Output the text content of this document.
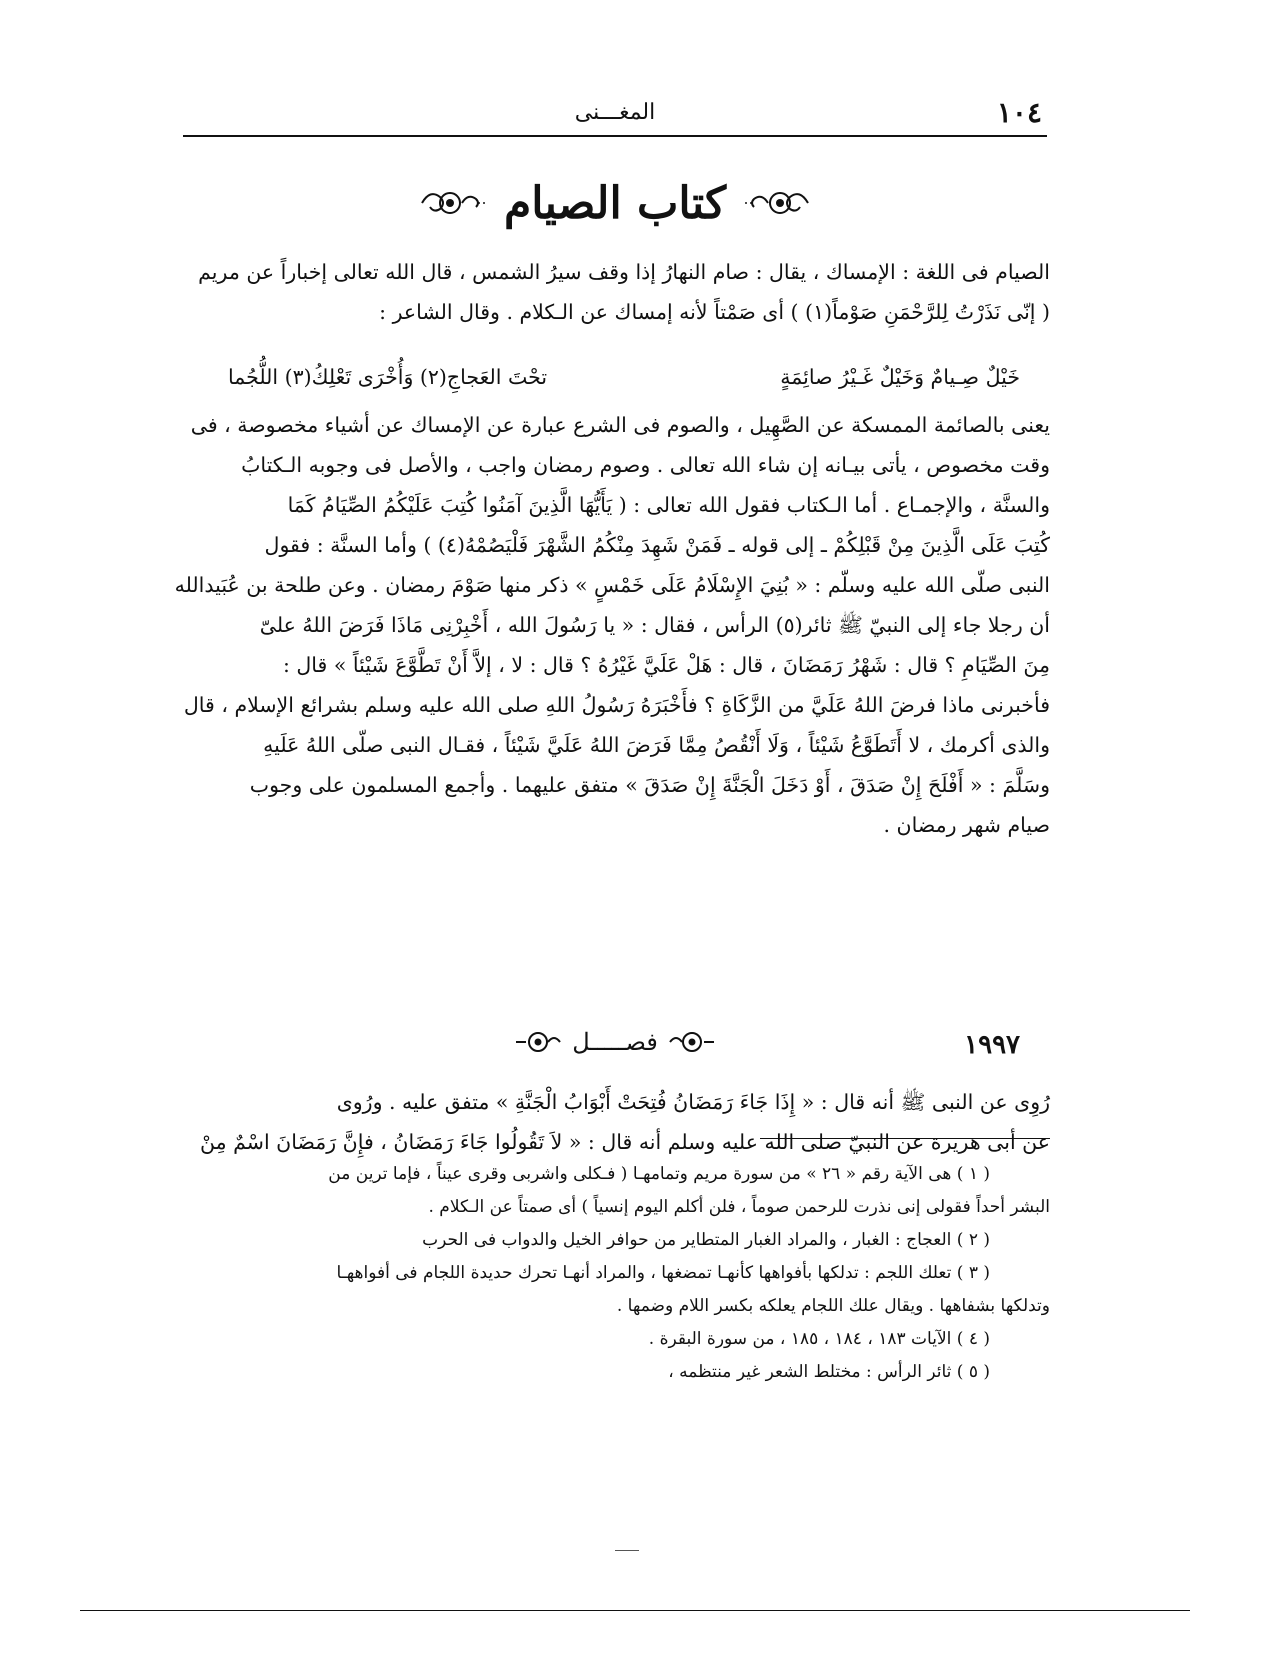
١٠٤
المغـــنى
كتاب الصيام
الصيام فى اللغة : الإمساك ، يقال : صام النهارُ إذا وقف سيرُ الشمس ، قال الله تعالى إخباراً عن مريم
( إنّى نَذَرْتُ لِلرَّحْمَنِ صَوْماً(١) ) أى صَمْتاً لأنه إمساك عن الـكلام . وقال الشاعر :
خَيْلٌ صِـيامٌ وَخَيْلٌ غَـيْرُ صائِمَةٍ
تحْتَ العَجاجِ(٢) وَأُخْرَى تَعْلِكُ(٣) اللُّجُما
يعنى بالصائمة الممسكة عن الصَّهِيل ، والصوم فى الشرع عبارة عن الإمساك عن أشياء مخصوصة ، فى
وقت مخصوص ، يأتى بيـانه إن شاء الله تعالى . وصوم رمضان واجب ، والأصل فى وجوبه الـكتابُ
والسنَّة ، والإجمـاع . أما الـكتاب فقول الله تعالى : ( يَأَيُّهَا الَّذِينَ آمَنُوا كُتِبَ عَلَيْكُمُ الصِّيَامُ كَمَا
كُتِبَ عَلَى الَّذِينَ مِنْ قَبْلِكُمْ ـ إلى قوله ـ فَمَنْ شَهِدَ مِنْكُمُ الشَّهْرَ فَلْيَصُمْهُ(٤) ) وأما السنَّة : فقول
النبى صلّى الله عليه وسلّم : « بُنِيَ الإِسْلَامُ عَلَى خَمْسٍ » ذكر منها صَوْمَ رمضان . وعن طلحة بن عُبَيدالله
أن رجلا جاء إلى النبيّ ﷺ ثائر(٥) الرأس ، فقال : « يا رَسُولَ الله ، أَخْبِرْنِى مَاذَا فَرَضَ اللهُ علىّ
مِنَ الصِّيَامِ ؟ قال : شَهْرُ رَمَضَانَ ، قال : هَلْ عَلَيَّ غَيْرُهُ ؟ قال : لا ، إلاَّ أَنْ تَطَّوَّعَ شَيْئاً » قال :
فأخبرنى ماذا فرضَ اللهُ عَلَيَّ من الزَّكَاةِ ؟ فأَخْبَرَهُ رَسُولُ اللهِ صلى الله عليه وسلم بشرائع الإسلام ، قال
والذى أكرمك ، لا أَتَطَوَّعُ شَيْئاً ، وَلَا أَنْقُصُ مِمَّا فَرَضَ اللهُ عَلَيَّ شَيْئاً ، فقـال النبى صلّى اللهُ عَلَيهِ
وسَلَّمَ : « أَفْلَحَ إِنْ صَدَقَ ، أَوْ دَخَلَ الْجَنَّةَ إِنْ صَدَقَ » متفق عليهما . وأجمع المسلمون على وجوب
صيام شهر رمضان .
١٩٩٧
فصـــــل
رُوِى عن النبى ﷺ أنه قال : « إِذَا جَاءَ رَمَضَانُ فُتِحَتْ أَبْوَابُ الْجَنَّةِ » متفق عليه . ورُوى
عن أبى هريرة عن النبيّ صلى الله عليه وسلم أنه قال : « لاَ تَقُولُوا جَاءَ رَمَضَانُ ، فإِنَّ رَمَضَانَ اسْمٌ مِنْ
( ١ ) هى الآية رقم « ٢٦ » من سورة مريم وتمامهـا ( فـكلى واشربى وقرى عيناً ، فإما ترين من
البشر أحداً فقولى إنى نذرت للرحمن صوماً ، فلن أكلم اليوم إنسياً ) أى صمتاً عن الـكلام .
( ٢ ) العجاج : الغبار ، والمراد الغبار المتطاير من حوافر الخيل والدواب فى الحرب
( ٣ ) تعلك اللجم : تدلكها بأفواهها كأنهـا تمضغها ، والمراد أنهـا تحرك حديدة اللجام فى أفواههـا
وتدلكها بشفاهها . ويقال علك اللجام يعلكه بكسر اللام وضمها .
( ٤ ) الآيات ١٨٣ ، ١٨٤ ، ١٨٥ ، من سورة البقرة .
( ٥ ) ثائر الرأس : مختلط الشعر غير منتظمه ،
